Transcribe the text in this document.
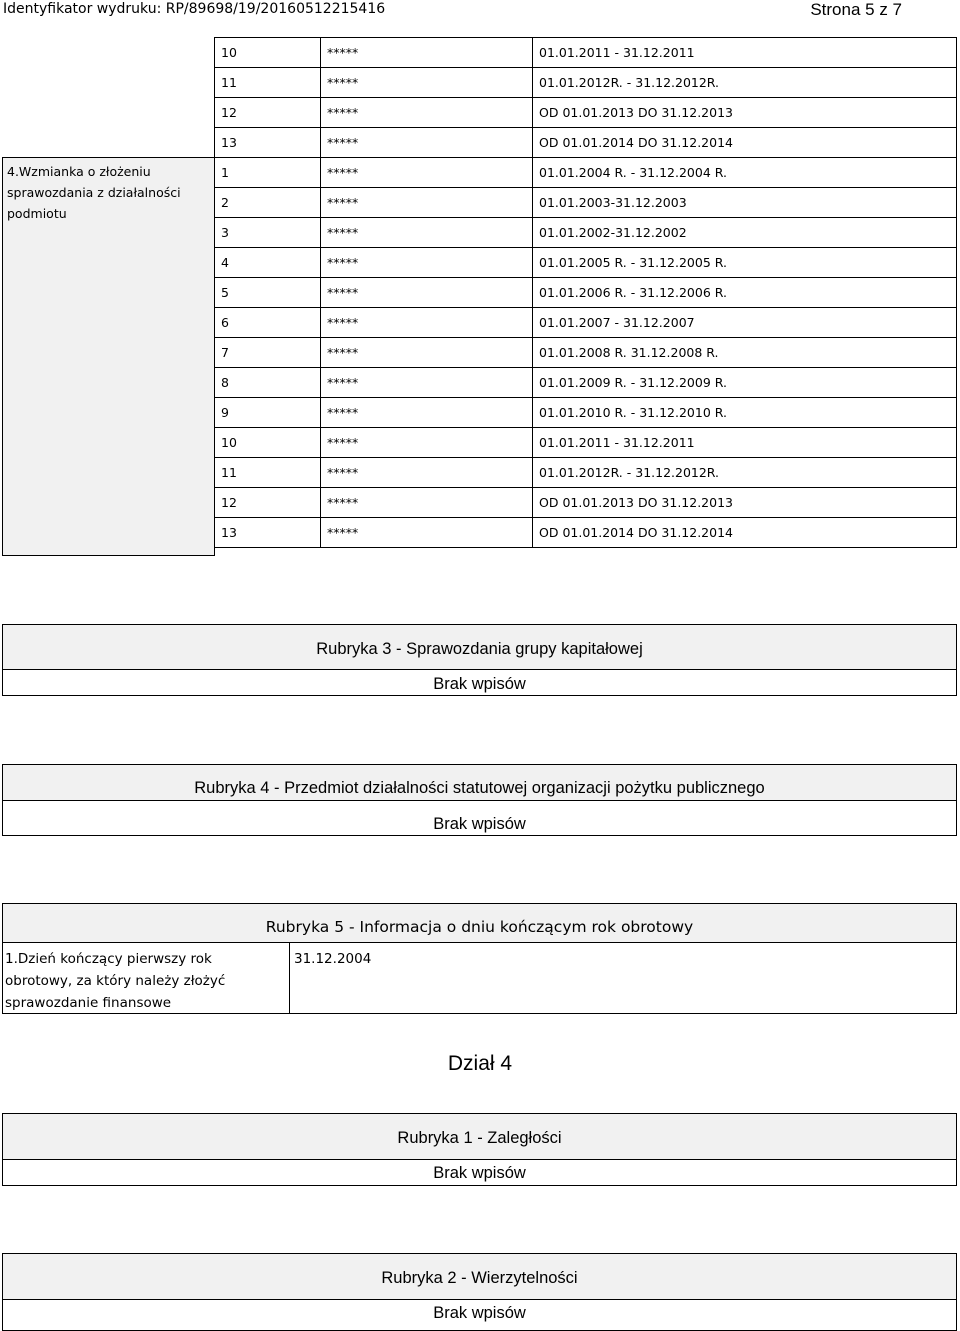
Identyfikator wydruku: RP/89698/19/20160512215416	Strona 5 z 7
10	*****	01.01.2011 - 31.12.2011
11	*****	01.01.2012R. - 31.12.2012R.
12	*****	OD 01.01.2013 DO 31.12.2013
13	*****	OD 01.01.2014 DO 31.12.2014
4.Wzmianka o złożeniu sprawozdania z działalności podmiotu
1	*****	01.01.2004 R. - 31.12.2004 R.
2	*****	01.01.2003-31.12.2003
3	*****	01.01.2002-31.12.2002
4	*****	01.01.2005 R. - 31.12.2005 R.
5	*****	01.01.2006 R. - 31.12.2006 R.
6	*****	01.01.2007 - 31.12.2007
7	*****	01.01.2008 R. 31.12.2008 R.
8	*****	01.01.2009 R. - 31.12.2009 R.
9	*****	01.01.2010 R. - 31.12.2010 R.
10	*****	01.01.2011 - 31.12.2011
11	*****	01.01.2012R. - 31.12.2012R.
12	*****	OD 01.01.2013 DO 31.12.2013
13	*****	OD 01.01.2014 DO 31.12.2014
Rubryka 3 - Sprawozdania grupy kapitałowej
Brak wpisów
Rubryka 4 - Przedmiot działalności statutowej organizacji pożytku publicznego
Brak wpisów
Rubryka 5 - Informacja o dniu kończącym rok obrotowy
1.Dzień kończący pierwszy rok obrotowy, za który należy złożyć sprawozdanie finansowe
31.12.2004
Dział 4
Rubryka 1 - Zaległości
Brak wpisów
Rubryka 2 - Wierzytelności
Brak wpisów
